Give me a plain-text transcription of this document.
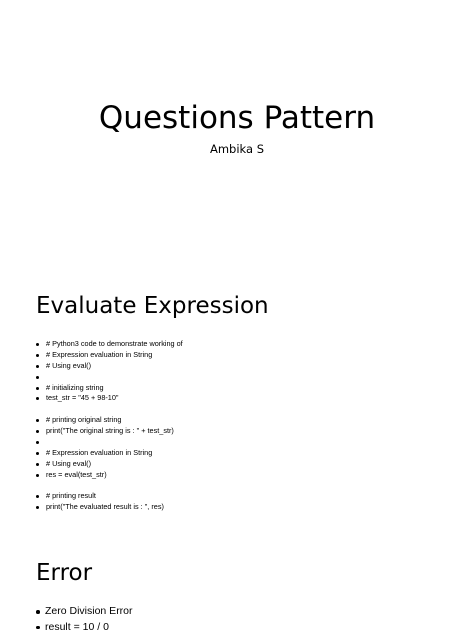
Questions Pattern
Ambika S
Evaluate Expression
# Python3 code to demonstrate working of
# Expression evaluation in String
# Using eval()
# initializing string
test_str = "45 + 98-10"
# printing original string
print("The original string is : " + test_str)
# Expression evaluation in String
# Using eval()
res = eval(test_str)
# printing result
print("The evaluated result is : ", res)
Error
Zero Division Error
result = 10 / 0
